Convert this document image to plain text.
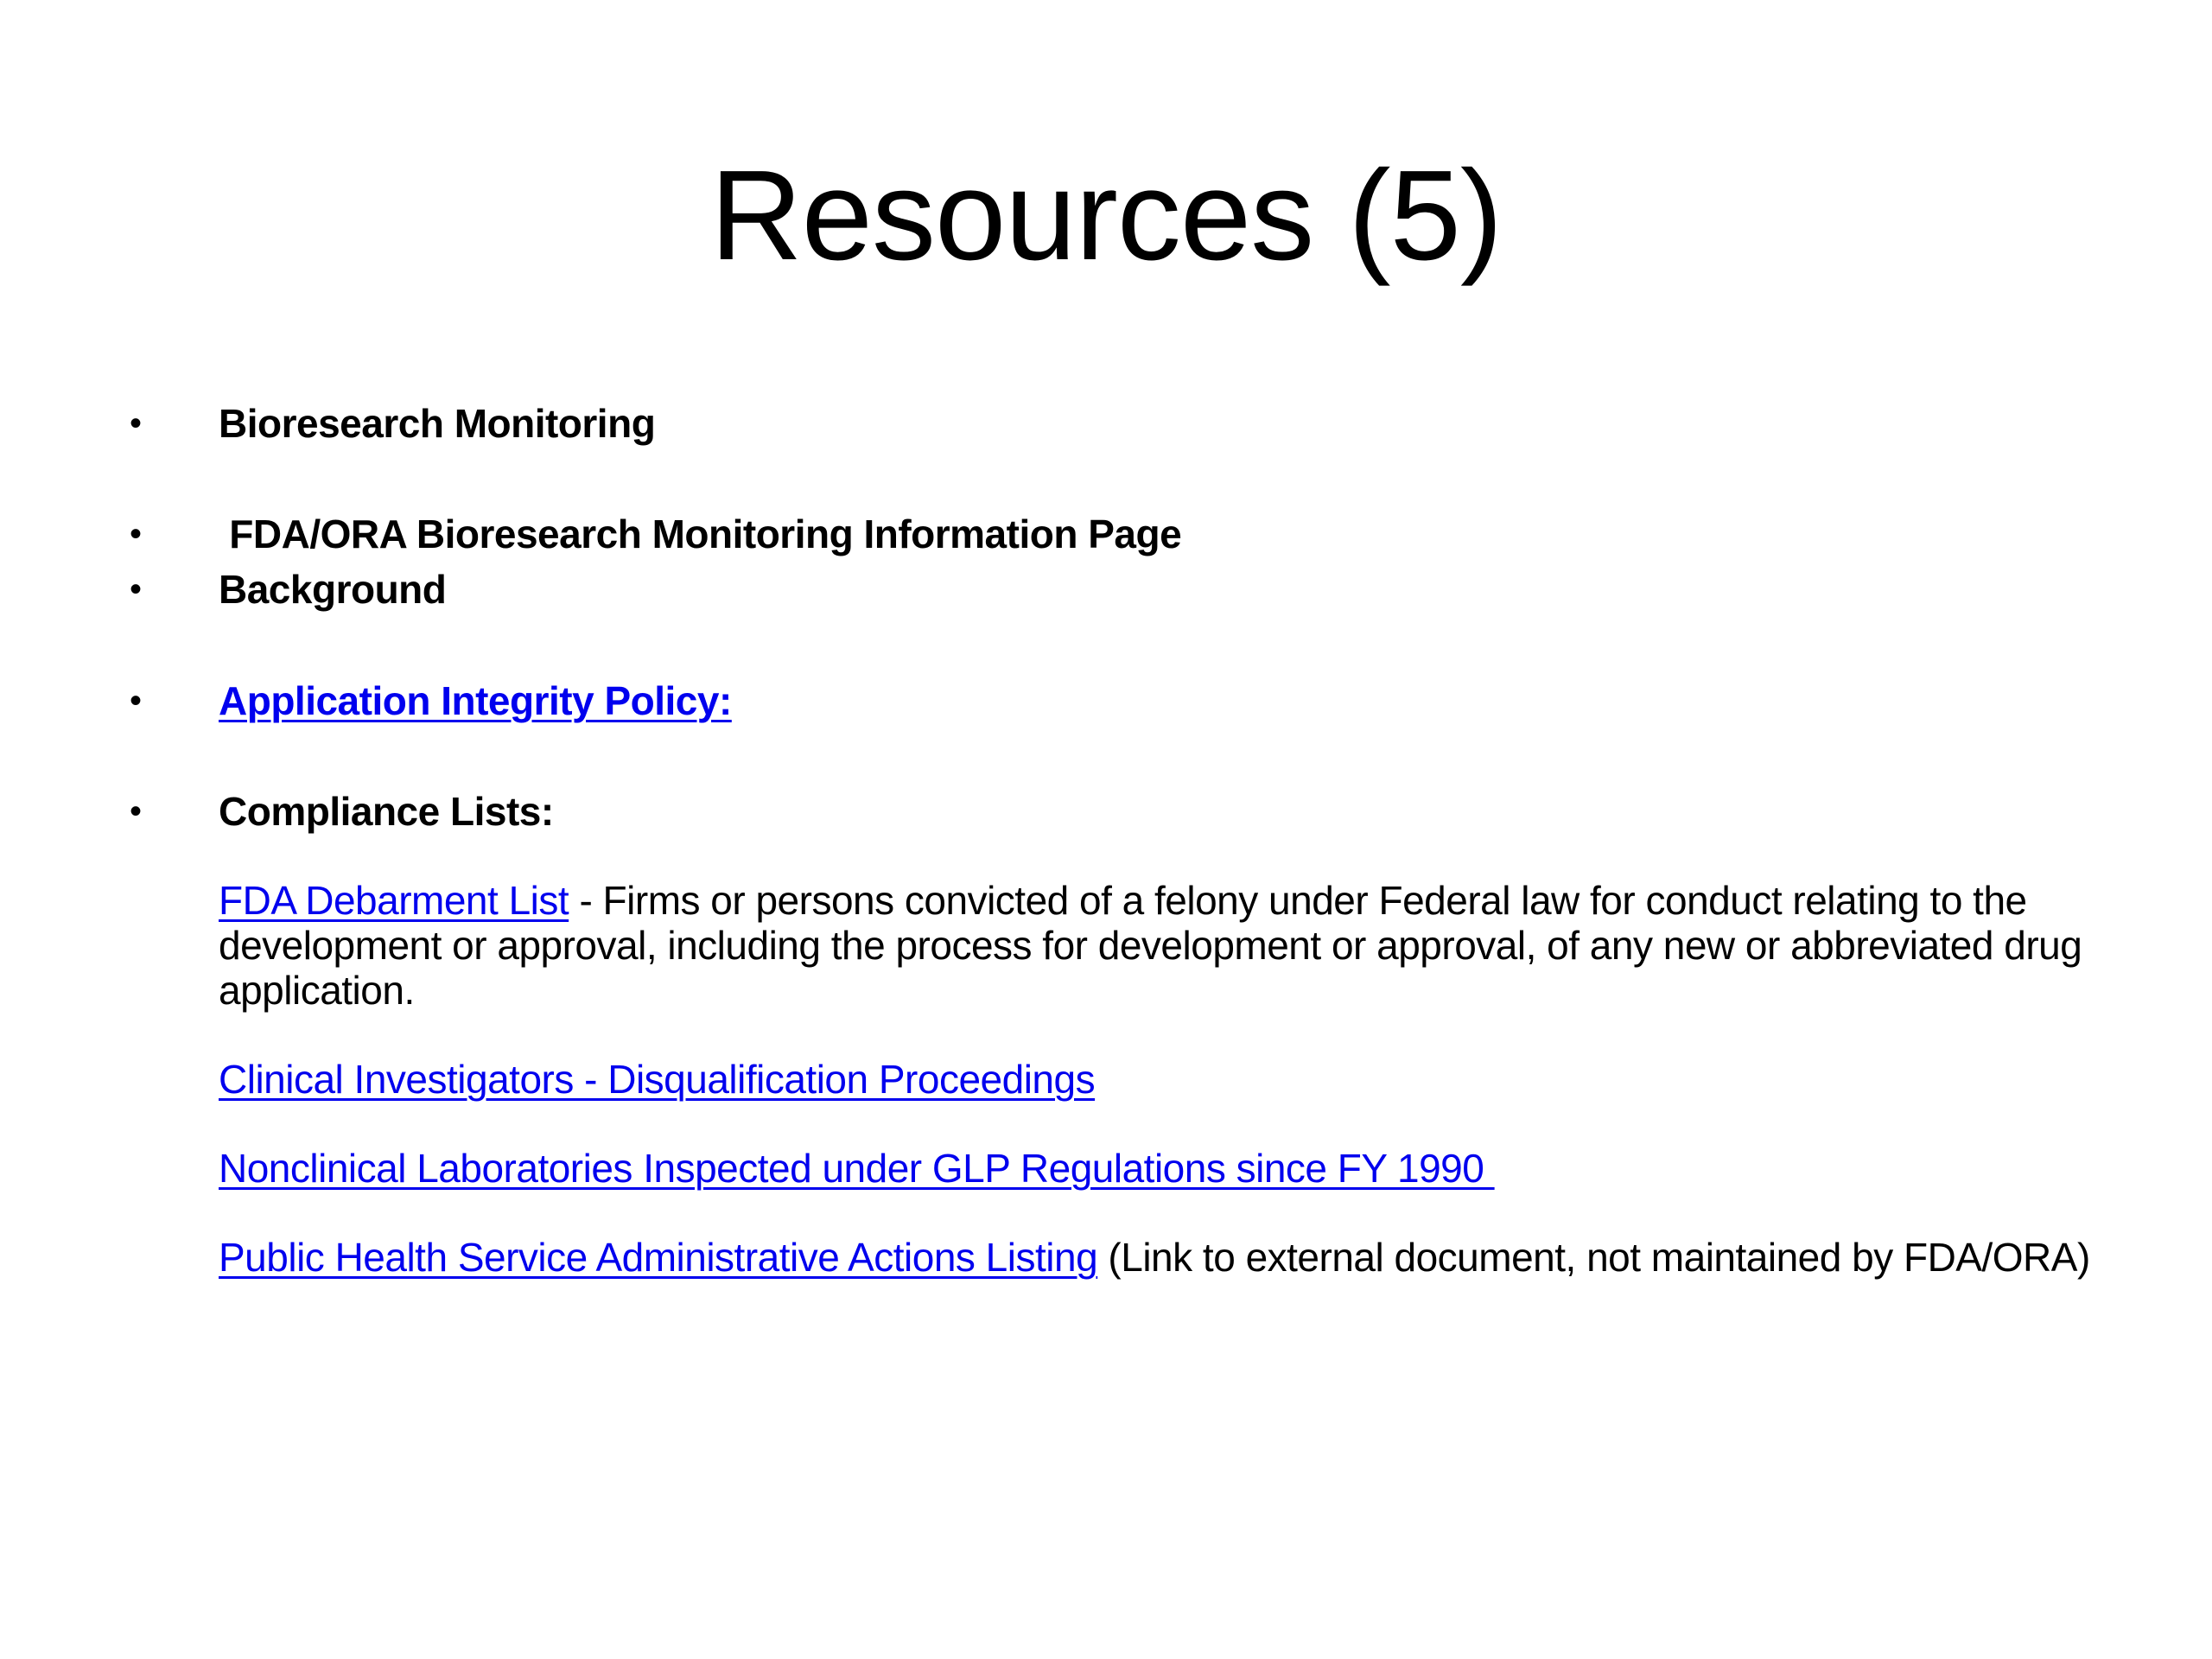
Resources (5)
• Bioresearch Monitoring
• FDA/ORA Bioresearch Monitoring Information Page
• Background
• Application Integrity Policy:
• Compliance Lists:
FDA Debarment List - Firms or persons convicted of a felony under Federal law for conduct relating to the development or approval, including the process for development or approval, of any new or abbreviated drug application.
Clinical Investigators - Disqualification Proceedings
Nonclinical Laboratories Inspected under GLP Regulations since FY 1990
Public Health Service Administrative Actions Listing (Link to external document, not maintained by FDA/ORA)
